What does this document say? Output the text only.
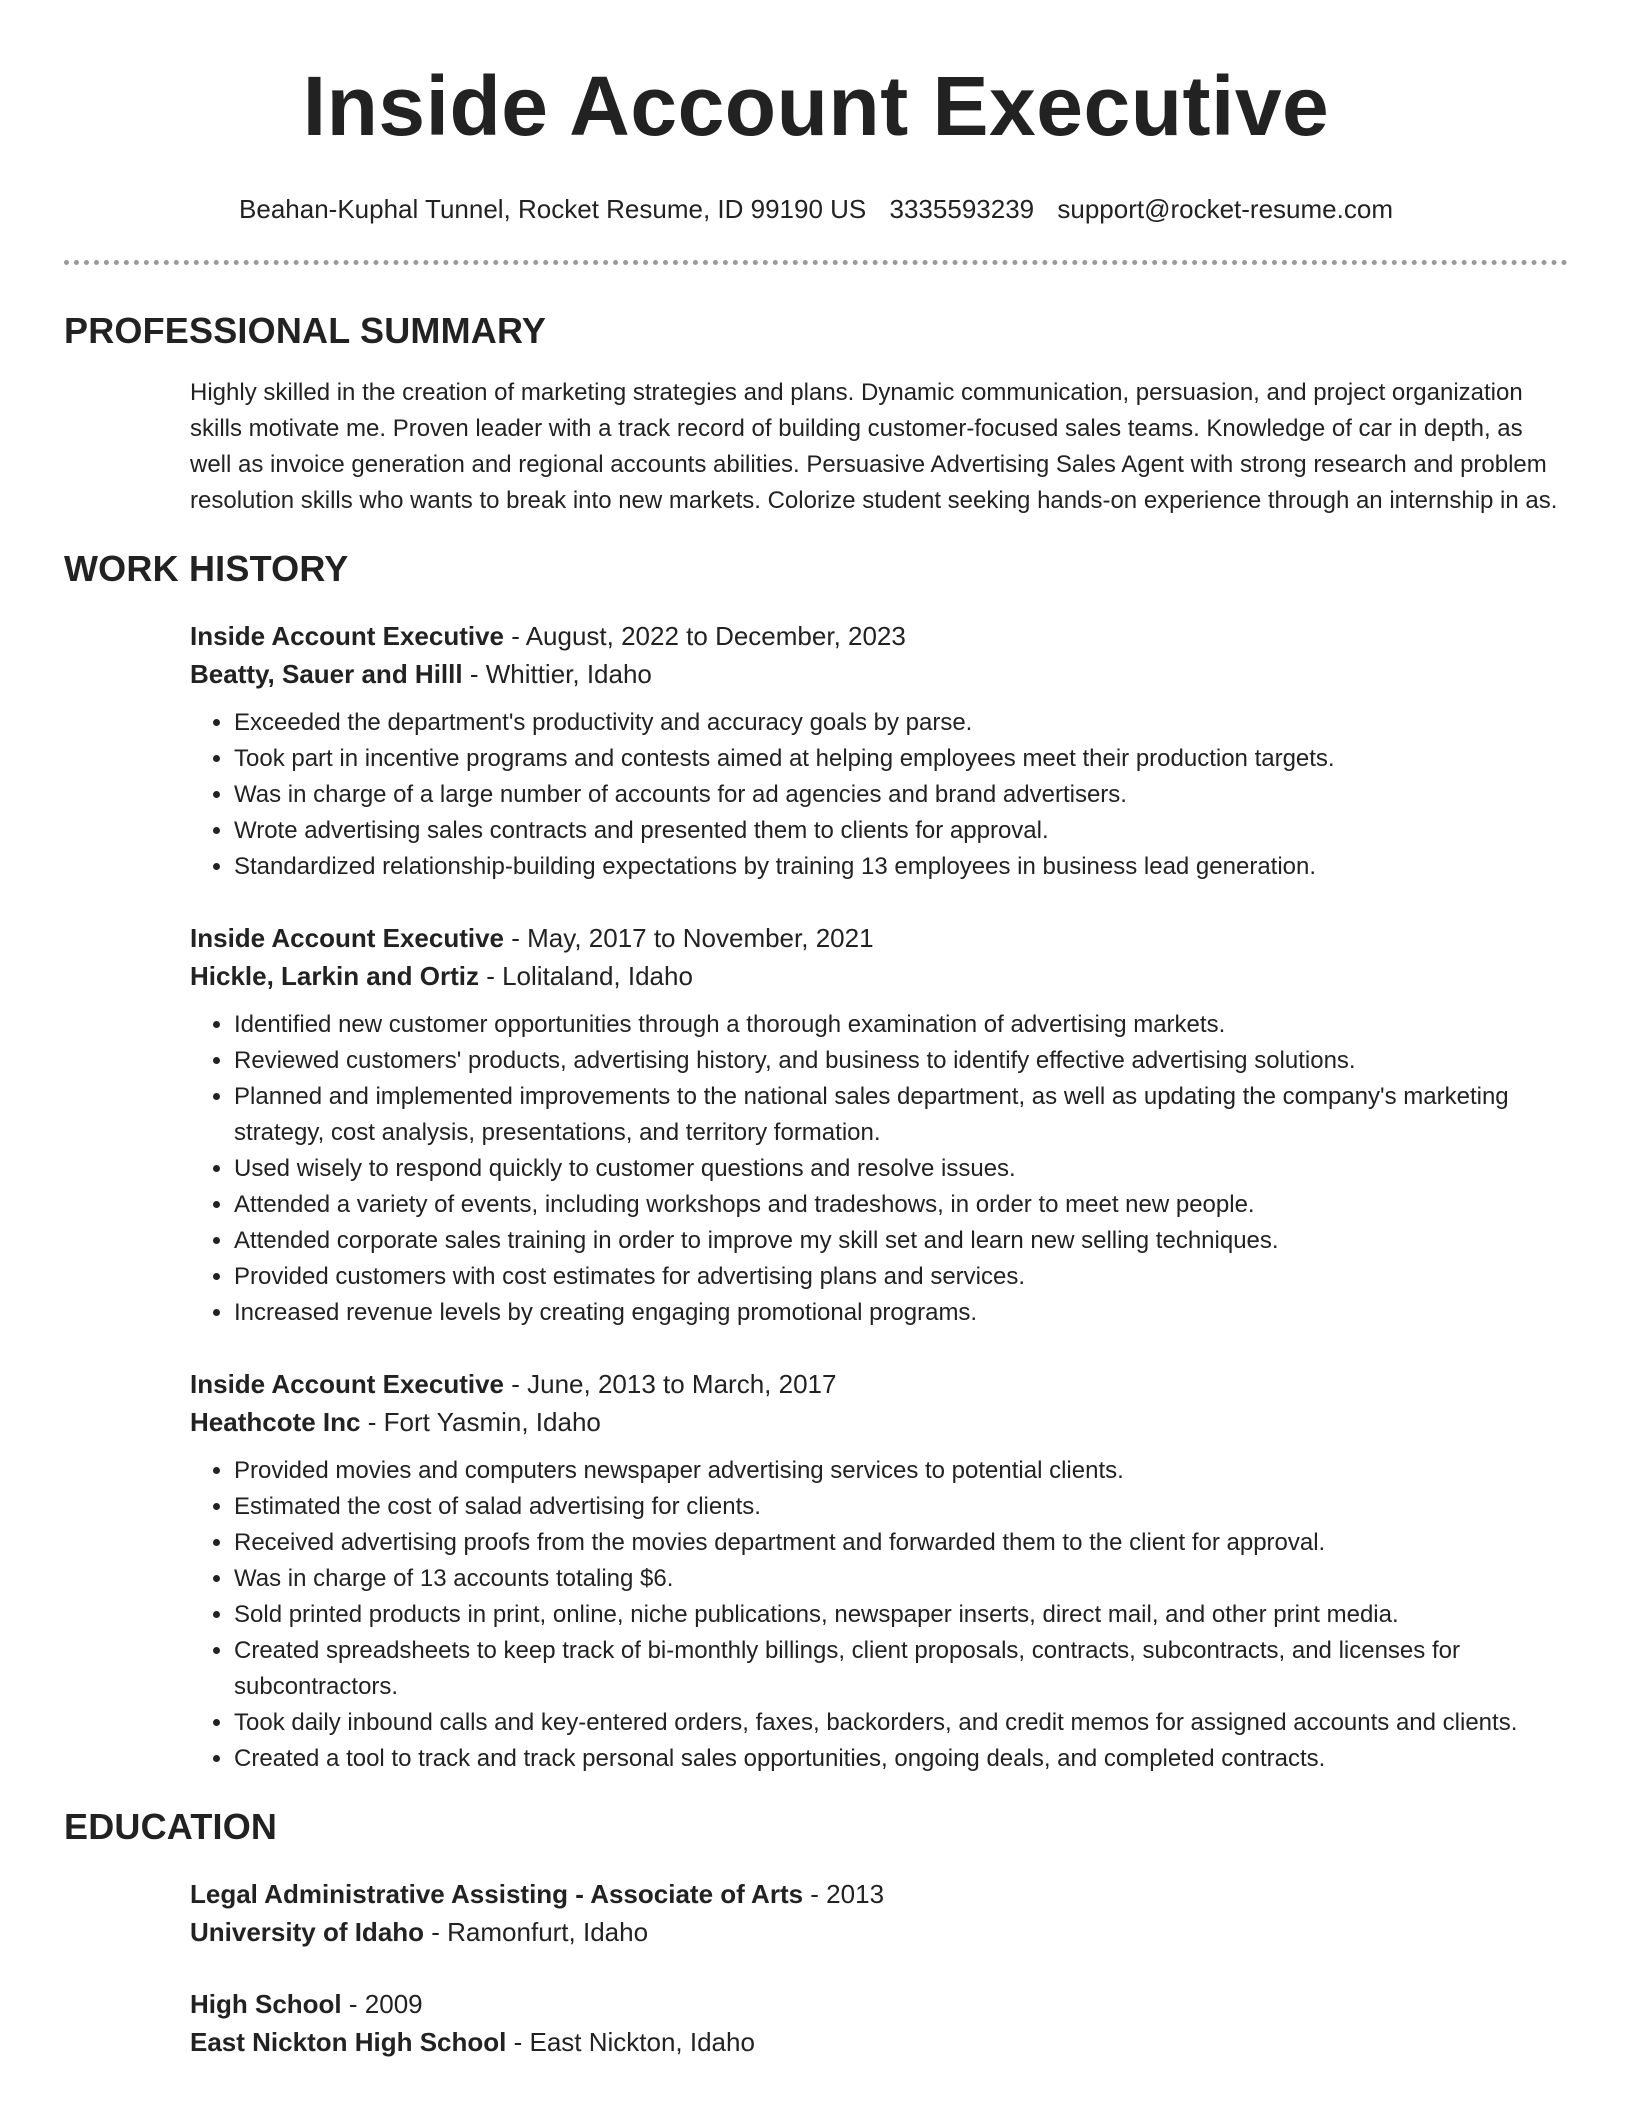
Inside Account Executive
Beahan-Kuphal Tunnel, Rocket Resume, ID 99190 US 3335593239 support@rocket-resume.com
PROFESSIONAL SUMMARY
Highly skilled in the creation of marketing strategies and plans. Dynamic communication, persuasion, and project organization skills motivate me. Proven leader with a track record of building customer-focused sales teams. Knowledge of car in depth, as well as invoice generation and regional accounts abilities. Persuasive Advertising Sales Agent with strong research and problem resolution skills who wants to break into new markets. Colorize student seeking hands-on experience through an internship in as.
WORK HISTORY
Inside Account Executive - August, 2022 to December, 2023
Beatty, Sauer and Hilll - Whittier, Idaho
• Exceeded the department's productivity and accuracy goals by parse.
• Took part in incentive programs and contests aimed at helping employees meet their production targets.
• Was in charge of a large number of accounts for ad agencies and brand advertisers.
• Wrote advertising sales contracts and presented them to clients for approval.
• Standardized relationship-building expectations by training 13 employees in business lead generation.
Inside Account Executive - May, 2017 to November, 2021
Hickle, Larkin and Ortiz - Lolitaland, Idaho
• Identified new customer opportunities through a thorough examination of advertising markets.
• Reviewed customers' products, advertising history, and business to identify effective advertising solutions.
• Planned and implemented improvements to the national sales department, as well as updating the company's marketing strategy, cost analysis, presentations, and territory formation.
• Used wisely to respond quickly to customer questions and resolve issues.
• Attended a variety of events, including workshops and tradeshows, in order to meet new people.
• Attended corporate sales training in order to improve my skill set and learn new selling techniques.
• Provided customers with cost estimates for advertising plans and services.
• Increased revenue levels by creating engaging promotional programs.
Inside Account Executive - June, 2013 to March, 2017
Heathcote Inc - Fort Yasmin, Idaho
• Provided movies and computers newspaper advertising services to potential clients.
• Estimated the cost of salad advertising for clients.
• Received advertising proofs from the movies department and forwarded them to the client for approval.
• Was in charge of 13 accounts totaling $6.
• Sold printed products in print, online, niche publications, newspaper inserts, direct mail, and other print media.
• Created spreadsheets to keep track of bi-monthly billings, client proposals, contracts, subcontracts, and licenses for subcontractors.
• Took daily inbound calls and key-entered orders, faxes, backorders, and credit memos for assigned accounts and clients.
• Created a tool to track and track personal sales opportunities, ongoing deals, and completed contracts.
EDUCATION
Legal Administrative Assisting - Associate of Arts - 2013
University of Idaho - Ramonfurt, Idaho
High School - 2009
East Nickton High School - East Nickton, Idaho
